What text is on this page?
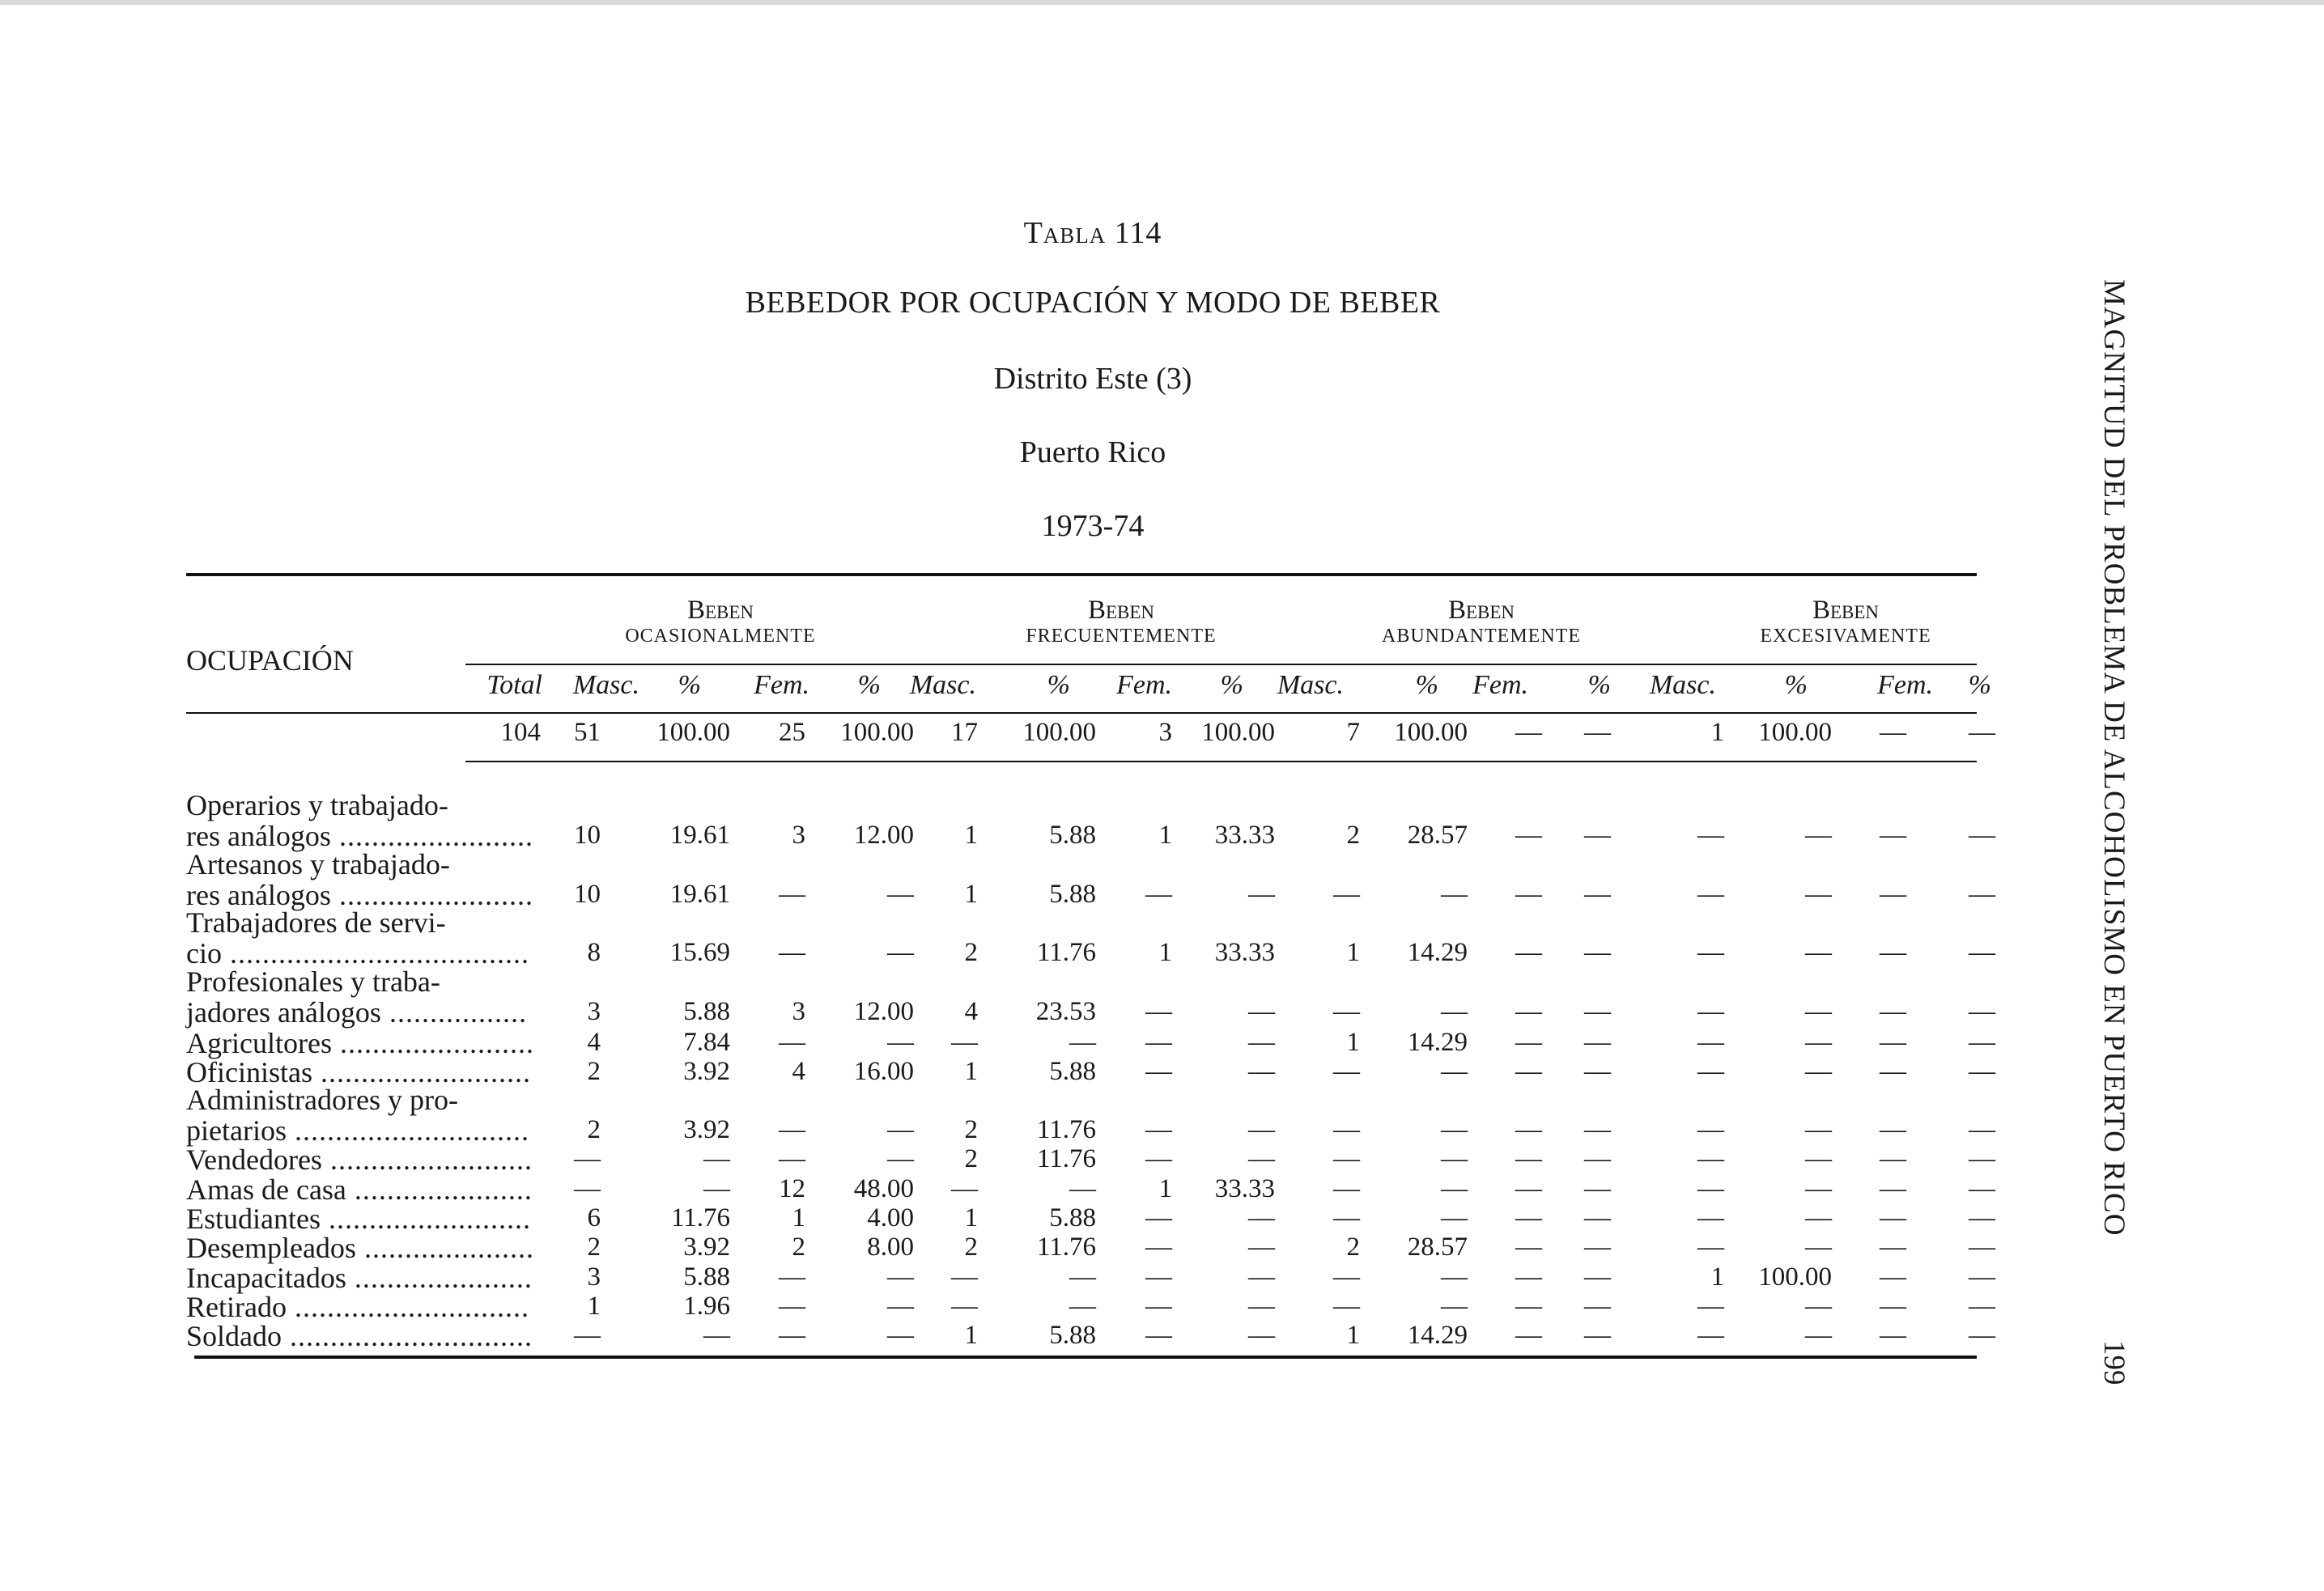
Tabla 114
BEBEDOR POR OCUPACIÓN Y MODO DE BEBER
Distrito Este (3)
Puerto Rico
1973-74	MAGNITUD DEL PROBLEMA DE ALCOHOLISMO EN PUERTO RICO
199
OCUPACIÓN
Beben
OCASIONALMENTE
Beben
FRECUENTEMENTE
Beben
ABUNDANTEMENTE
Beben
EXCESIVAMENTE
Total	Masc.	%	Fem.	%	Masc.	%	Fem.	%	Masc.	%	Fem.	%	Masc.	%	Fem.	%
104	51	100.00	25	100.00	17	100.00	3	100.00	7	100.00	—	—	1	100.00	—	—
Operarios y trabajado-
res análogos ........................	10	19.61	3	12.00	1	5.88	1	33.33	2	28.57	—	—	—	—	—	—
Artesanos y trabajado-
res análogos ........................	10	19.61	—	—	1	5.88	—	—	—	—	—	—	—	—	—	—
Trabajadores de servi-
cio .....................................	8	15.69	—	—	2	11.76	1	33.33	1	14.29	—	—	—	—	—	—
Profesionales y traba-
jadores análogos .................	3	5.88	3	12.00	4	23.53	—	—	—	—	—	—	—	—	—	—
Agricultores ........................	4	7.84	—	—	—	—	—	—	1	14.29	—	—	—	—	—	—
Oficinistas ..........................	2	3.92	4	16.00	1	5.88	—	—	—	—	—	—	—	—	—	—
Administradores y pro-
pietarios .............................	2	3.92	—	—	2	11.76	—	—	—	—	—	—	—	—	—	—
Vendedores .........................	—	—	—	—	2	11.76	—	—	—	—	—	—	—	—	—	—
Amas de casa ......................	—	—	12	48.00	—	—	1	33.33	—	—	—	—	—	—	—	—
Estudiantes .........................	6	11.76	1	4.00	1	5.88	—	—	—	—	—	—	—	—	—	—
Desempleados .....................	2	3.92	2	8.00	2	11.76	—	—	2	28.57	—	—	—	—	—	—
Incapacitados ......................	3	5.88	—	—	—	—	—	—	—	—	—	—	1	100.00	—	—
Retirado .............................	1	1.96	—	—	—	—	—	—	—	—	—	—	—	—	—	—
Soldado ..............................	—	—	—	—	1	5.88	—	—	1	14.29	—	—	—	—	—	—
